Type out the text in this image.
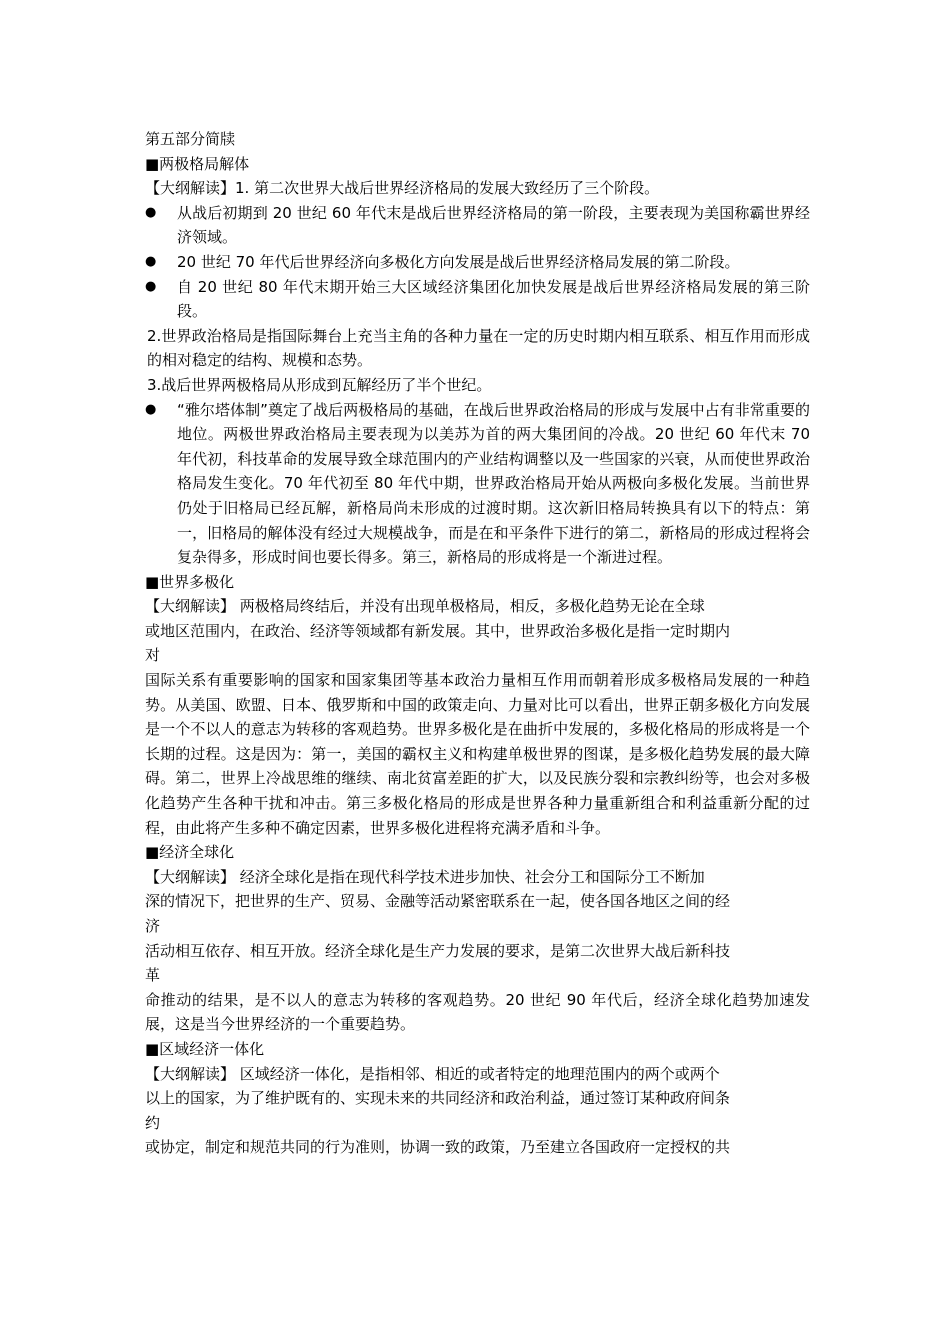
第五部分简牍
■两极格局解体
【大纲解读】1. 第二次世界大战后世界经济格局的发展大致经历了三个阶段。
● 从战后初期到 20 世纪 60 年代末是战后世界经济格局的第一阶段，主要表现为美国称霸世界经济领域。
● 20 世纪 70 年代后世界经济向多极化方向发展是战后世界经济格局发展的第二阶段。
● 自 20 世纪 80 年代末期开始三大区域经济集团化加快发展是战后世界经济格局发展的第三阶段。
2.世界政治格局是指国际舞台上充当主角的各种力量在一定的历史时期内相互联系、相互作用而形成的相对稳定的结构、规模和态势。
3.战后世界两极格局从形成到瓦解经历了半个世纪。
● “雅尔塔体制”奠定了战后两极格局的基础，在战后世界政治格局的形成与发展中占有非常重要的地位。两极世界政治格局主要表现为以美苏为首的两大集团间的冷战。20 世纪 60 年代末 70 年代初，科技革命的发展导致全球范围内的产业结构调整以及一些国家的兴衰，从而使世界政治格局发生变化。70 年代初至 80 年代中期，世界政治格局开始从两极向多极化发展。当前世界仍处于旧格局已经瓦解，新格局尚未形成的过渡时期。这次新旧格局转换具有以下的特点：第一，旧格局的解体没有经过大规模战争，而是在和平条件下进行的第二，新格局的形成过程将会复杂得多，形成时间也要长得多。第三，新格局的形成将是一个渐进过程。
■世界多极化
【大纲解读】 两极格局终结后，并没有出现单极格局，相反，多极化趋势无论在全球
或地区范围内，在政治、经济等领域都有新发展。其中，世界政治多极化是指一定时期内
对
国际关系有重要影响的国家和国家集团等基本政治力量相互作用而朝着形成多极格局发展的一种趋势。从美国、欧盟、日本、俄罗斯和中国的政策走向、力量对比可以看出，世界正朝多极化方向发展是一个不以人的意志为转移的客观趋势。世界多极化是在曲折中发展的，多极化格局的形成将是一个长期的过程。这是因为：第一，美国的霸权主义和构建单极世界的图谋，是多极化趋势发展的最大障碍。第二，世界上冷战思维的继续、南北贫富差距的扩大，以及民族分裂和宗教纠纷等，也会对多极化趋势产生各种干扰和冲击。第三多极化格局的形成是世界各种力量重新组合和利益重新分配的过程，由此将产生多种不确定因素，世界多极化进程将充满矛盾和斗争。
■经济全球化
【大纲解读】 经济全球化是指在现代科学技术进步加快、社会分工和国际分工不断加
深的情况下，把世界的生产、贸易、金融等活动紧密联系在一起，使各国各地区之间的经
济
活动相互依存、相互开放。经济全球化是生产力发展的要求，是第二次世界大战后新科技
革
命推动的结果，是不以人的意志为转移的客观趋势。20 世纪 90 年代后，经济全球化趋势加速发展，这是当今世界经济的一个重要趋势。
■区域经济一体化
【大纲解读】 区域经济一体化，是指相邻、相近的或者特定的地理范围内的两个或两个
以上的国家，为了维护既有的、实现未来的共同经济和政治利益，通过签订某种政府间条
约
或协定，制定和规范共同的行为准则，协调一致的政策，乃至建立各国政府一定授权的共
